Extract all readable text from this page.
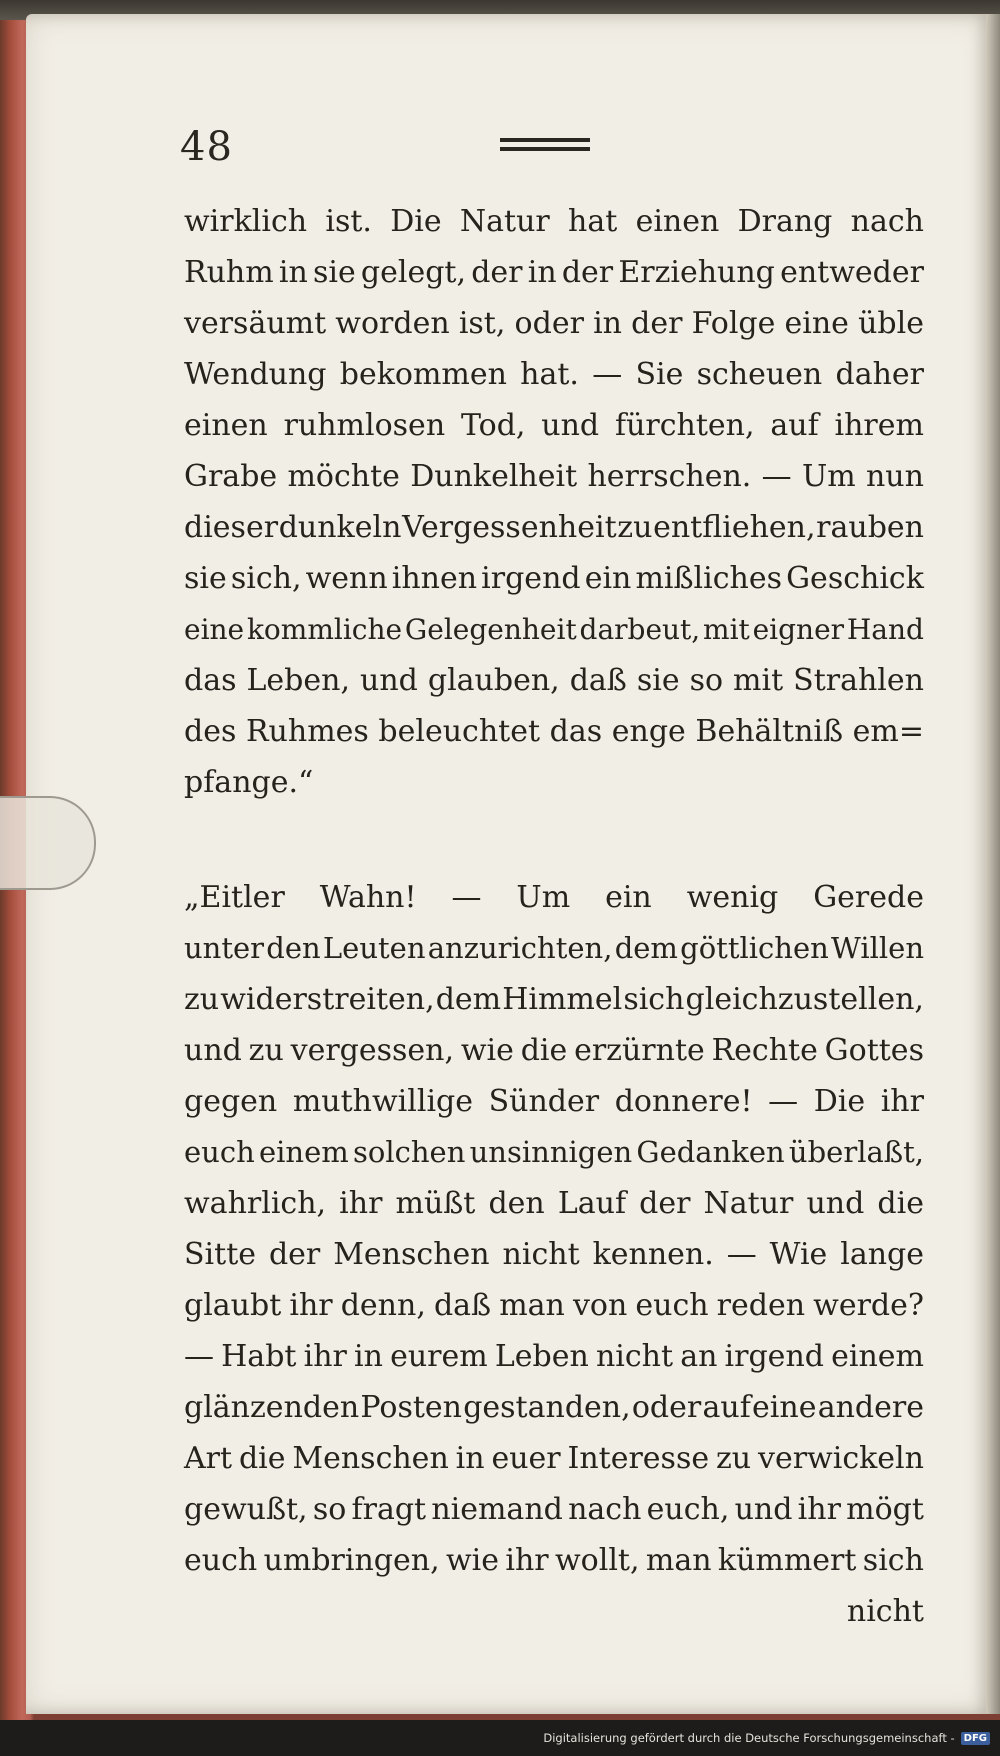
48
wirklich ist. Die Natur hat einen Drang nach
Ruhm in sie gelegt, der in der Erziehung entweder
versäumt worden ist, oder in der Folge eine üble
Wendung bekommen hat. — Sie scheuen daher
einen ruhmlosen Tod, und fürchten, auf ihrem
Grabe möchte Dunkelheit herrschen. — Um nun
dieser dunkeln Vergessenheit zu entfliehen, rauben
sie sich, wenn ihnen irgend ein mißliches Geschick
eine kommliche Gelegenheit darbeut, mit eigner Hand
das Leben, und glauben, daß sie so mit Strahlen
des Ruhmes beleuchtet das enge Behältniß em=
pfange.“
„Eitler Wahn! — Um ein wenig Gerede
unter den Leuten anzurichten, dem göttlichen Willen
zu widerstreiten, dem Himmel sich gleichzustellen,
und zu vergessen, wie die erzürnte Rechte Gottes
gegen muthwillige Sünder donnere! — Die ihr
euch einem solchen unsinnigen Gedanken überlaßt,
wahrlich, ihr müßt den Lauf der Natur und die
Sitte der Menschen nicht kennen. — Wie lange
glaubt ihr denn, daß man von euch reden werde?
— Habt ihr in eurem Leben nicht an irgend einem
glänzenden Posten gestanden, oder auf eine andere
Art die Menschen in euer Interesse zu verwickeln
gewußt, so fragt niemand nach euch, und ihr mögt
euch umbringen, wie ihr wollt, man kümmert sich
nicht
Digitalisierung gefördert durch die Deutsche Forschungsgemeinschaft - DFG
